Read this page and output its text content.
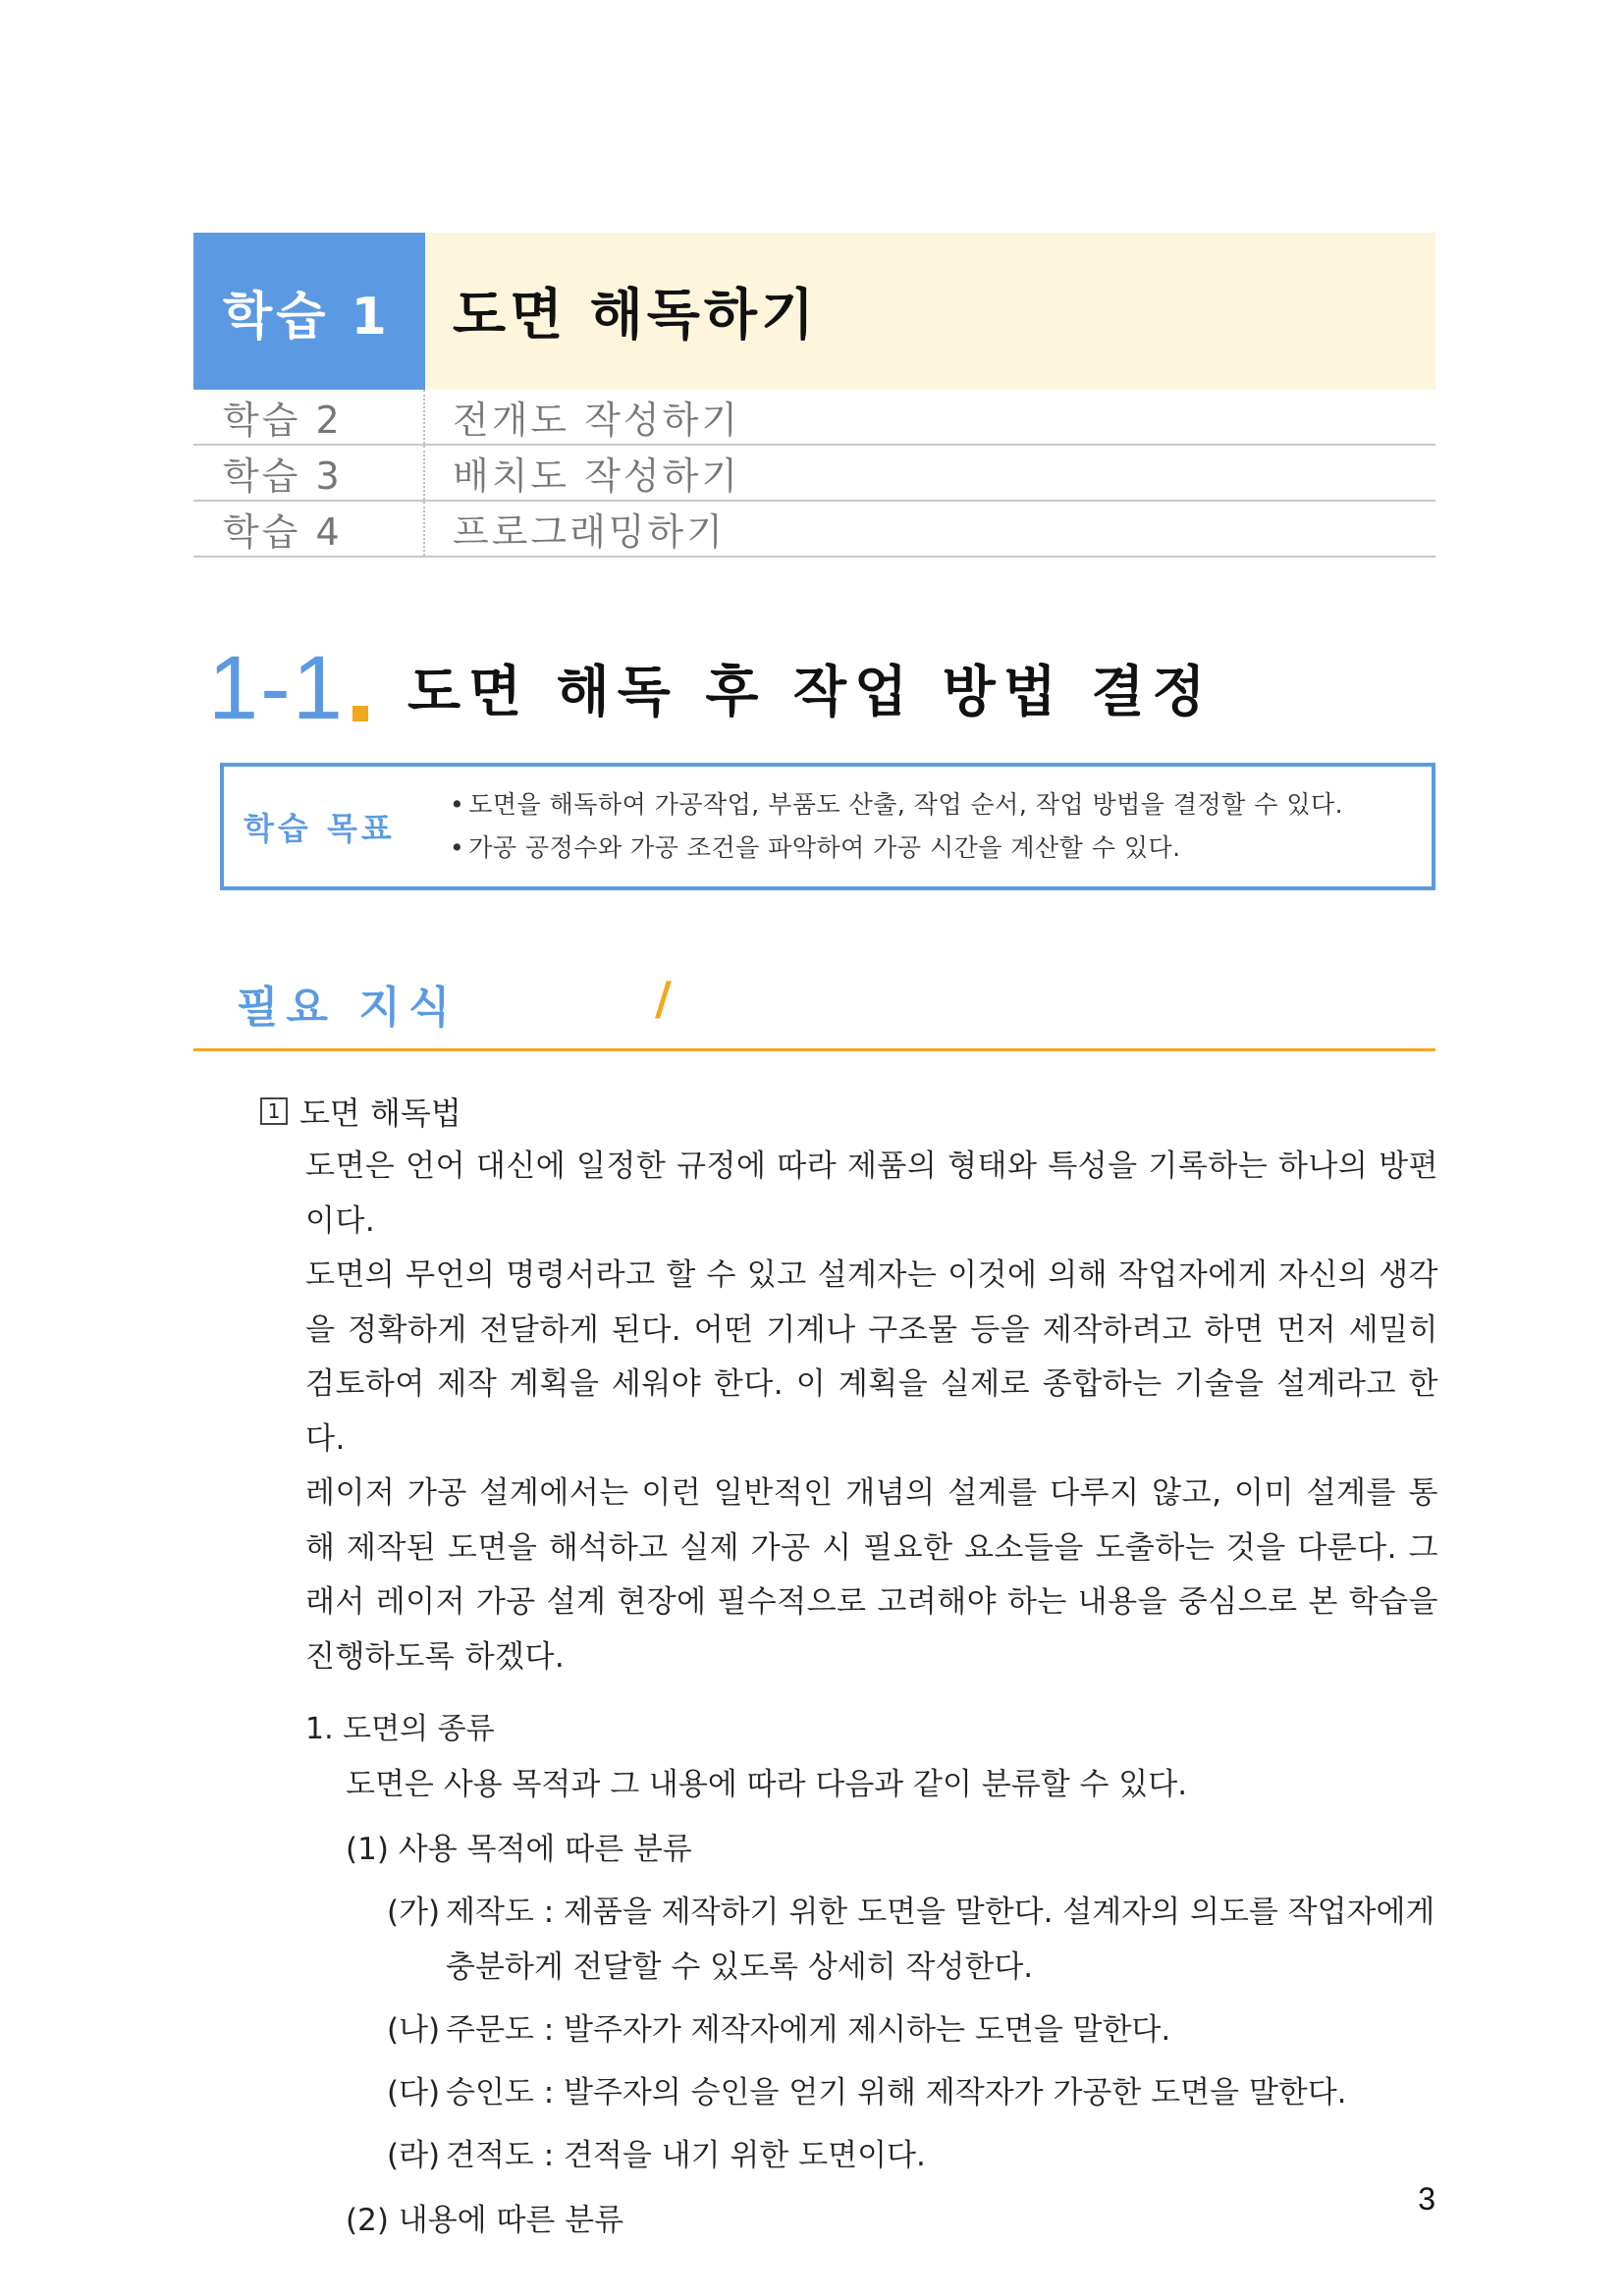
학습 1	도면 해독하기
학습 2	전개도 작성하기
학습 3	배치도 작성하기
학습 4	프로그래밍하기
1-1 도면 해독 후 작업 방법 결정
학습 목표
• 도면을 해독하여 가공작업, 부품도 산출, 작업 순서, 작업 방법을 결정할 수 있다.
• 가공 공정수와 가공 조건을 파악하여 가공 시간을 계산할 수 있다.
필요 지식	/
1 도면 해독법
도면은 언어 대신에 일정한 규정에 따라 제품의 형태와 특성을 기록하는 하나의 방편이다.
도면의 무언의 명령서라고 할 수 있고 설계자는 이것에 의해 작업자에게 자신의 생각을 정확하게 전달하게 된다. 어떤 기계나 구조물 등을 제작하려고 하면 먼저 세밀히 검토하여 제작 계획을 세워야 한다. 이 계획을 실제로 종합하는 기술을 설계라고 한다.
레이저 가공 설계에서는 이런 일반적인 개념의 설계를 다루지 않고, 이미 설계를 통해 제작된 도면을 해석하고 실제 가공 시 필요한 요소들을 도출하는 것을 다룬다. 그래서 레이저 가공 설계 현장에 필수적으로 고려해야 하는 내용을 중심으로 본 학습을 진행하도록 하겠다.
1. 도면의 종류
도면은 사용 목적과 그 내용에 따라 다음과 같이 분류할 수 있다.
(1) 사용 목적에 따른 분류
(가) 제작도 : 제품을 제작하기 위한 도면을 말한다. 설계자의 의도를 작업자에게 충분하게 전달할 수 있도록 상세히 작성한다.
(나) 주문도 : 발주자가 제작자에게 제시하는 도면을 말한다.
(다) 승인도 : 발주자의 승인을 얻기 위해 제작자가 가공한 도면을 말한다.
(라) 견적도 : 견적을 내기 위한 도면이다.
(2) 내용에 따른 분류
3
